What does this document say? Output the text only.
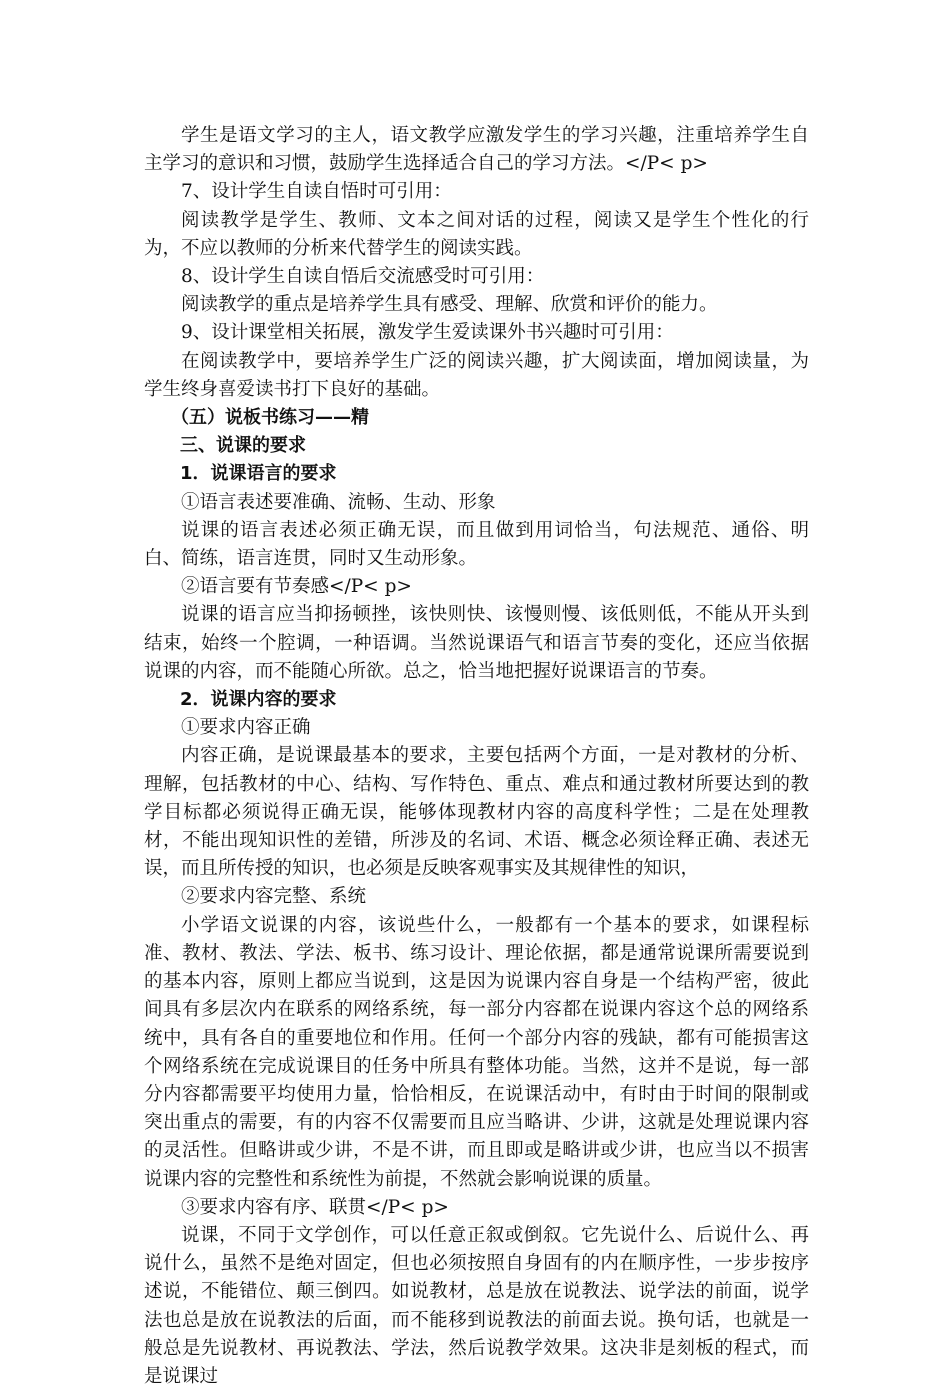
学生是语文学习的主人，语文教学应激发学生的学习兴趣，注重培养学生自主学习的意识和习惯，鼓励学生选择适合自己的学习方法。</P< p>

7、设计学生自读自悟时可引用：

阅读教学是学生、教师、文本之间对话的过程，阅读又是学生个性化的行为，不应以教师的分析来代替学生的阅读实践。

8、设计学生自读自悟后交流感受时可引用：

阅读教学的重点是培养学生具有感受、理解、欣赏和评价的能力。

9、设计课堂相关拓展，激发学生爱读课外书兴趣时可引用：

在阅读教学中，要培养学生广泛的阅读兴趣，扩大阅读面，增加阅读量，为学生终身喜爱读书打下良好的基础。

（五）说板书练习——精

三、说课的要求

1．说课语言的要求

①语言表述要准确、流畅、生动、形象

说课的语言表述必须正确无误，而且做到用词恰当，句法规范、通俗、明白、简练，语言连贯，同时又生动形象。

②语言要有节奏感</P< p>

说课的语言应当抑扬顿挫，该快则快、该慢则慢、该低则低，不能从开头到结束，始终一个腔调，一种语调。当然说课语气和语言节奏的变化，还应当依据说课的内容，而不能随心所欲。总之，恰当地把握好说课语言的节奏。

2．说课内容的要求

①要求内容正确

内容正确，是说课最基本的要求，主要包括两个方面，一是对教材的分析、理解，包括教材的中心、结构、写作特色、重点、难点和通过教材所要达到的教学目标都必须说得正确无误，能够体现教材内容的高度科学性；二是在处理教材，不能出现知识性的差错，所涉及的名词、术语、概念必须诠释正确、表述无误，而且所传授的知识，也必须是反映客观事实及其规律性的知识，

②要求内容完整、系统

小学语文说课的内容，该说些什么，一般都有一个基本的要求，如课程标准、教材、教法、学法、板书、练习设计、理论依据，都是通常说课所需要说到的基本内容，原则上都应当说到，这是因为说课内容自身是一个结构严密，彼此间具有多层次内在联系的网络系统，每一部分内容都在说课内容这个总的网络系统中，具有各自的重要地位和作用。任何一个部分内容的残缺，都有可能损害这个网络系统在完成说课目的任务中所具有整体功能。当然，这并不是说，每一部分内容都需要平均使用力量，恰恰相反，在说课活动中，有时由于时间的限制或突出重点的需要，有的内容不仅需要而且应当略讲、少讲，这就是处理说课内容的灵活性。但略讲或少讲，不是不讲，而且即或是略讲或少讲，也应当以不损害说课内容的完整性和系统性为前提，不然就会影响说课的质量。

③要求内容有序、联贯</P< p>

说课，不同于文学创作，可以任意正叙或倒叙。它先说什么、后说什么、再说什么，虽然不是绝对固定，但也必须按照自身固有的内在顺序性，一步步按序述说，不能错位、颠三倒四。如说教材，总是放在说教法、说学法的前面，说学法也总是放在说教法的后面，而不能移到说教法的前面去说。换句话，也就是一般总是先说教材、再说教法、学法，然后说教学效果。这决非是刻板的程式，而是说课过
